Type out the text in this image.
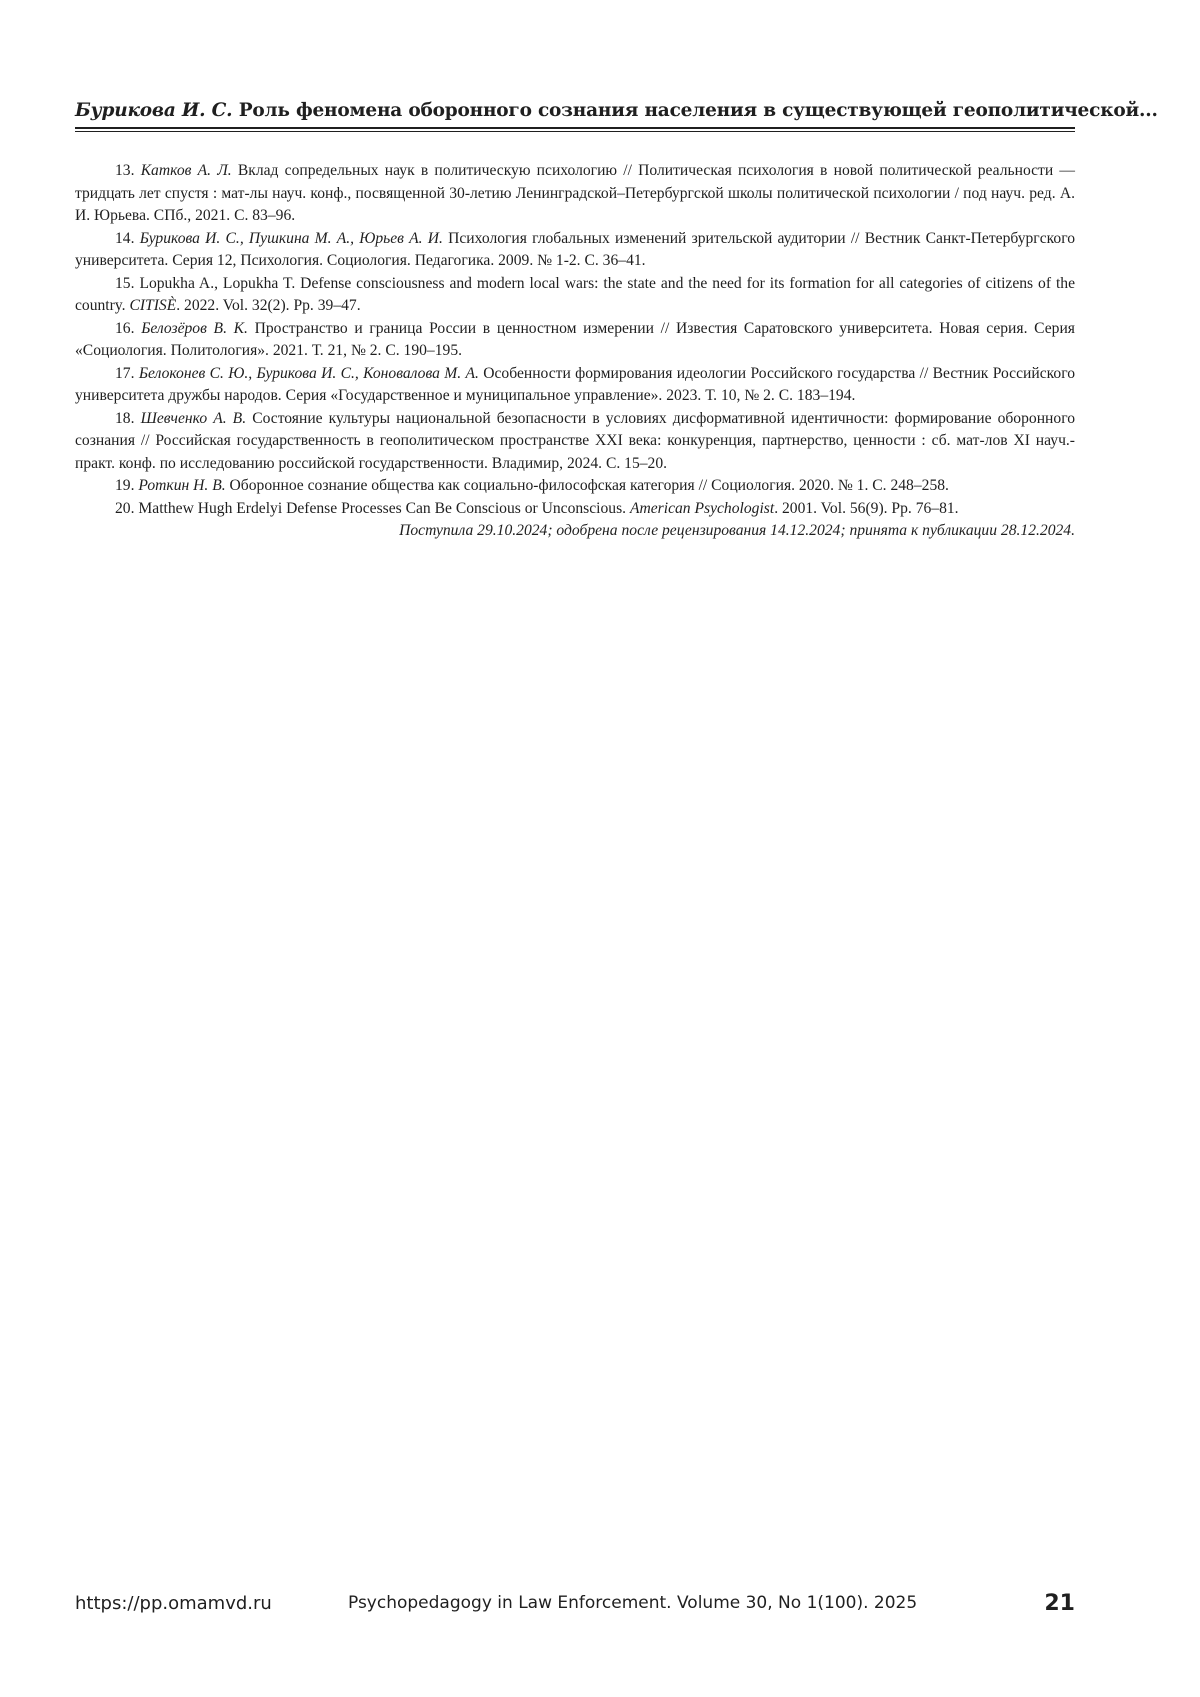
Бурикова И. С. Роль феномена оборонного сознания населения в существующей геополитической...

13. Катков А. Л. Вклад сопредельных наук в политическую психологию // Политическая психология в новой политической реальности — тридцать лет спустя : мат-лы науч. конф., посвященной 30-летию Ленинградской–Петербургской школы политической психологии / под науч. ред. А. И. Юрьева. СПб., 2021. С. 83–96.

14. Бурикова И. С., Пушкина М. А., Юрьев А. И. Психология глобальных изменений зрительской аудитории // Вестник Санкт-Петербургского университета. Серия 12, Психология. Социология. Педагогика. 2009. № 1-2. С. 36–41.

15. Lopukha A., Lopukha T. Defense consciousness and modern local wars: the state and the need for its formation for all categories of citizens of the country. CITISÈ. 2022. Vol. 32(2). Pp. 39–47.

16. Белозёров В. К. Пространство и граница России в ценностном измерении // Известия Саратовского университета. Новая серия. Серия «Социология. Политология». 2021. Т. 21, № 2. С. 190–195.

17. Белоконев С. Ю., Бурикова И. С., Коновалова М. А. Особенности формирования идеологии Российского государства // Вестник Российского университета дружбы народов. Серия «Государственное и муниципальное управление». 2023. Т. 10, № 2. С. 183–194.

18. Шевченко А. В. Состояние культуры национальной безопасности в условиях дисформативной идентичности: формирование оборонного сознания // Российская государственность в геополитическом пространстве XXI века: конкуренция, партнерство, ценности : сб. мат-лов XI науч.-практ. конф. по исследованию российской государственности. Владимир, 2024. С. 15–20.

19. Роткин Н. В. Оборонное сознание общества как социально-философская категория // Социология. 2020. № 1. С. 248–258.

20. Matthew Hugh Erdelyi Defense Processes Can Be Conscious or Unconscious. American Psychologist. 2001. Vol. 56(9). Pp. 76–81.

Поступила 29.10.2024; одобрена после рецензирования 14.12.2024; принята к публикации 28.12.2024.

https://pp.omamvd.ru	Psychopedagogy in Law Enforcement. Volume 30, No 1(100). 2025	21
